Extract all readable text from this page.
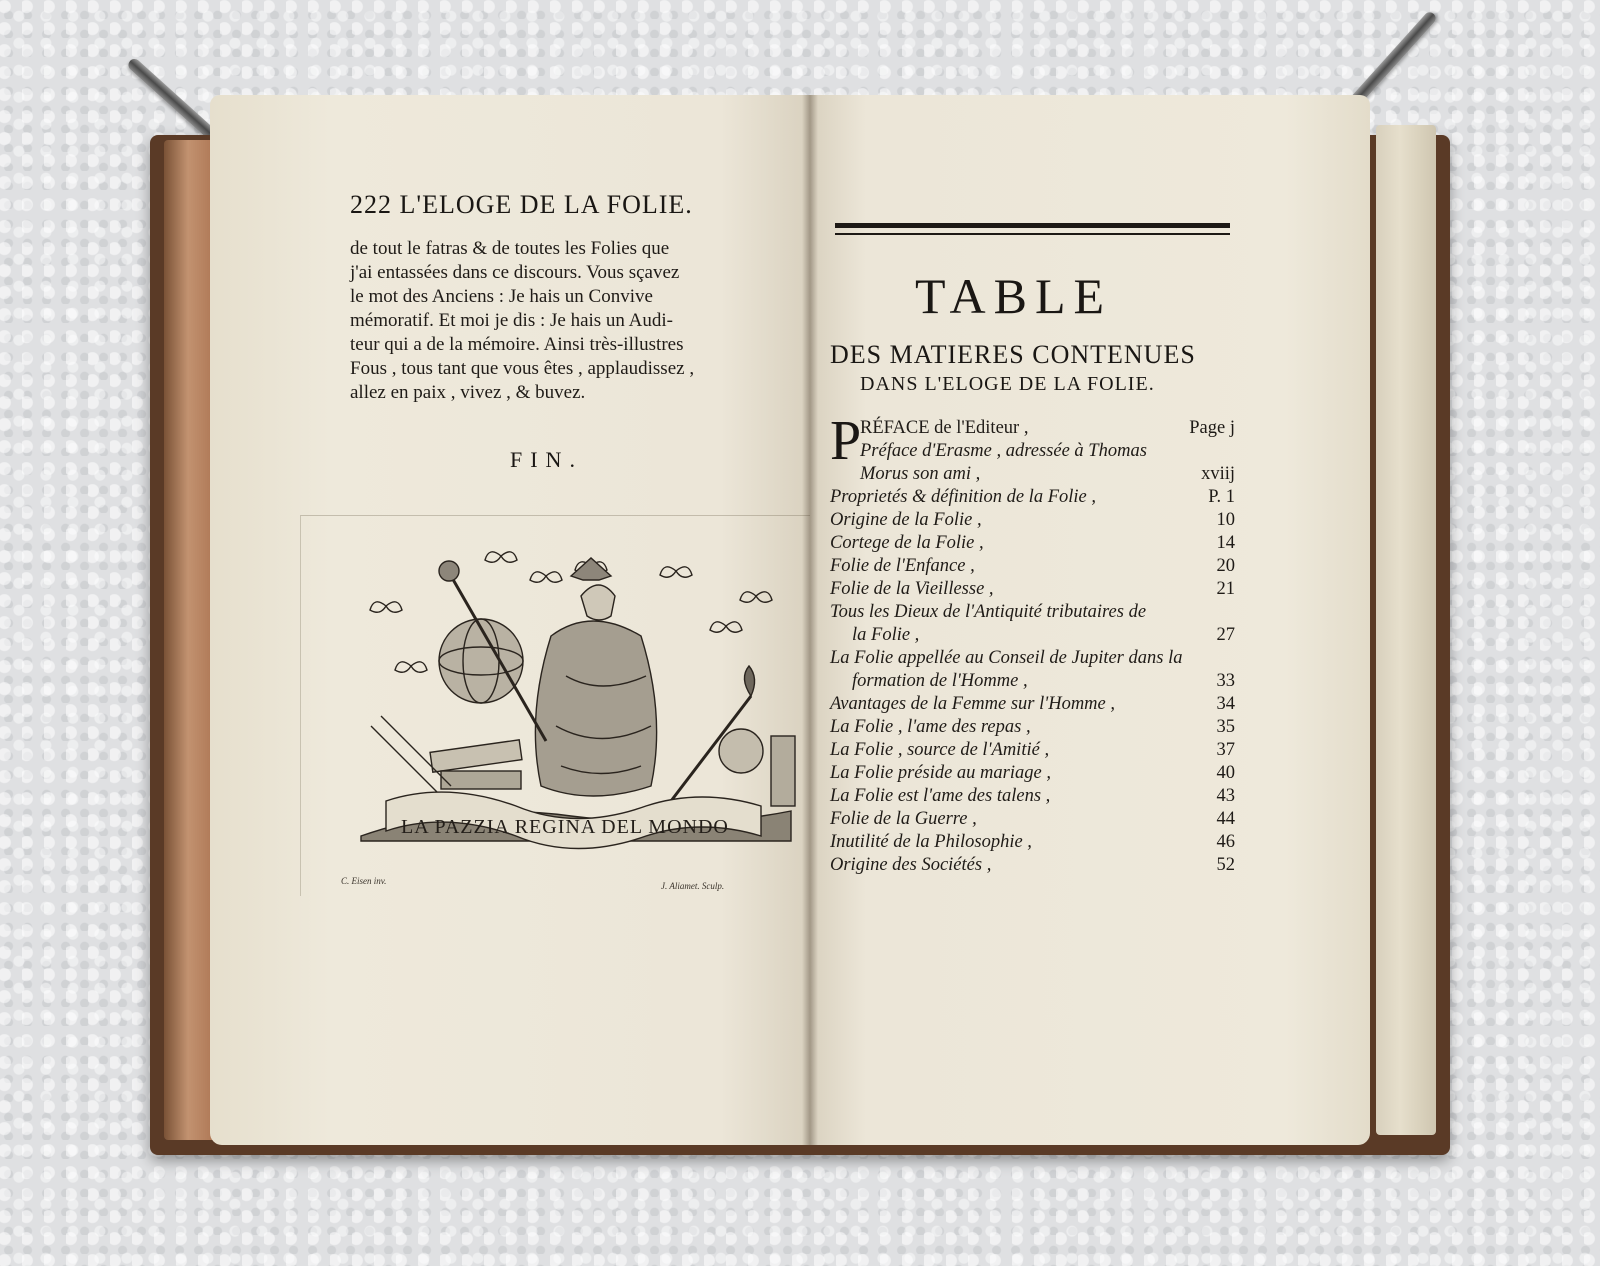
222 L'ELOGE DE LA FOLIE.
de tout le fatras & de toutes les Folies que
j'ai entassées dans ce discours. Vous sçavez
le mot des Anciens : Je hais un Convive
mémoratif. Et moi je dis : Je hais un Audi-
teur qui a de la mémoire. Ainsi très-illustres
Fous , tous tant que vous êtes , applaudissez ,
allez en paix , vivez , & buvez.
FIN.
LA PAZZIA REGINA DEL MONDO
C. Eisen inv.	J. Aliamet. Sculp.
TABLE
DES MATIERES CONTENUES
DANS L'ELOGE DE LA FOLIE.
P
RÉFACE de l'Editeur ,	Page j
Préface d'Erasme , adressée à Thomas
Morus son ami ,	xviij
Proprietés & définition de la Folie ,	P. 1
Origine de la Folie ,	10
Cortege de la Folie ,	14
Folie de l'Enfance ,	20
Folie de la Vieillesse ,	21
Tous les Dieux de l'Antiquité tributaires de
la Folie ,	27
La Folie appellée au Conseil de Jupiter dans la
formation de l'Homme ,	33
Avantages de la Femme sur l'Homme ,	34
La Folie , l'ame des repas ,	35
La Folie , source de l'Amitié ,	37
La Folie préside au mariage ,	40
La Folie est l'ame des talens ,	43
Folie de la Guerre ,	44
Inutilité de la Philosophie ,	46
Origine des Sociétés ,	52
